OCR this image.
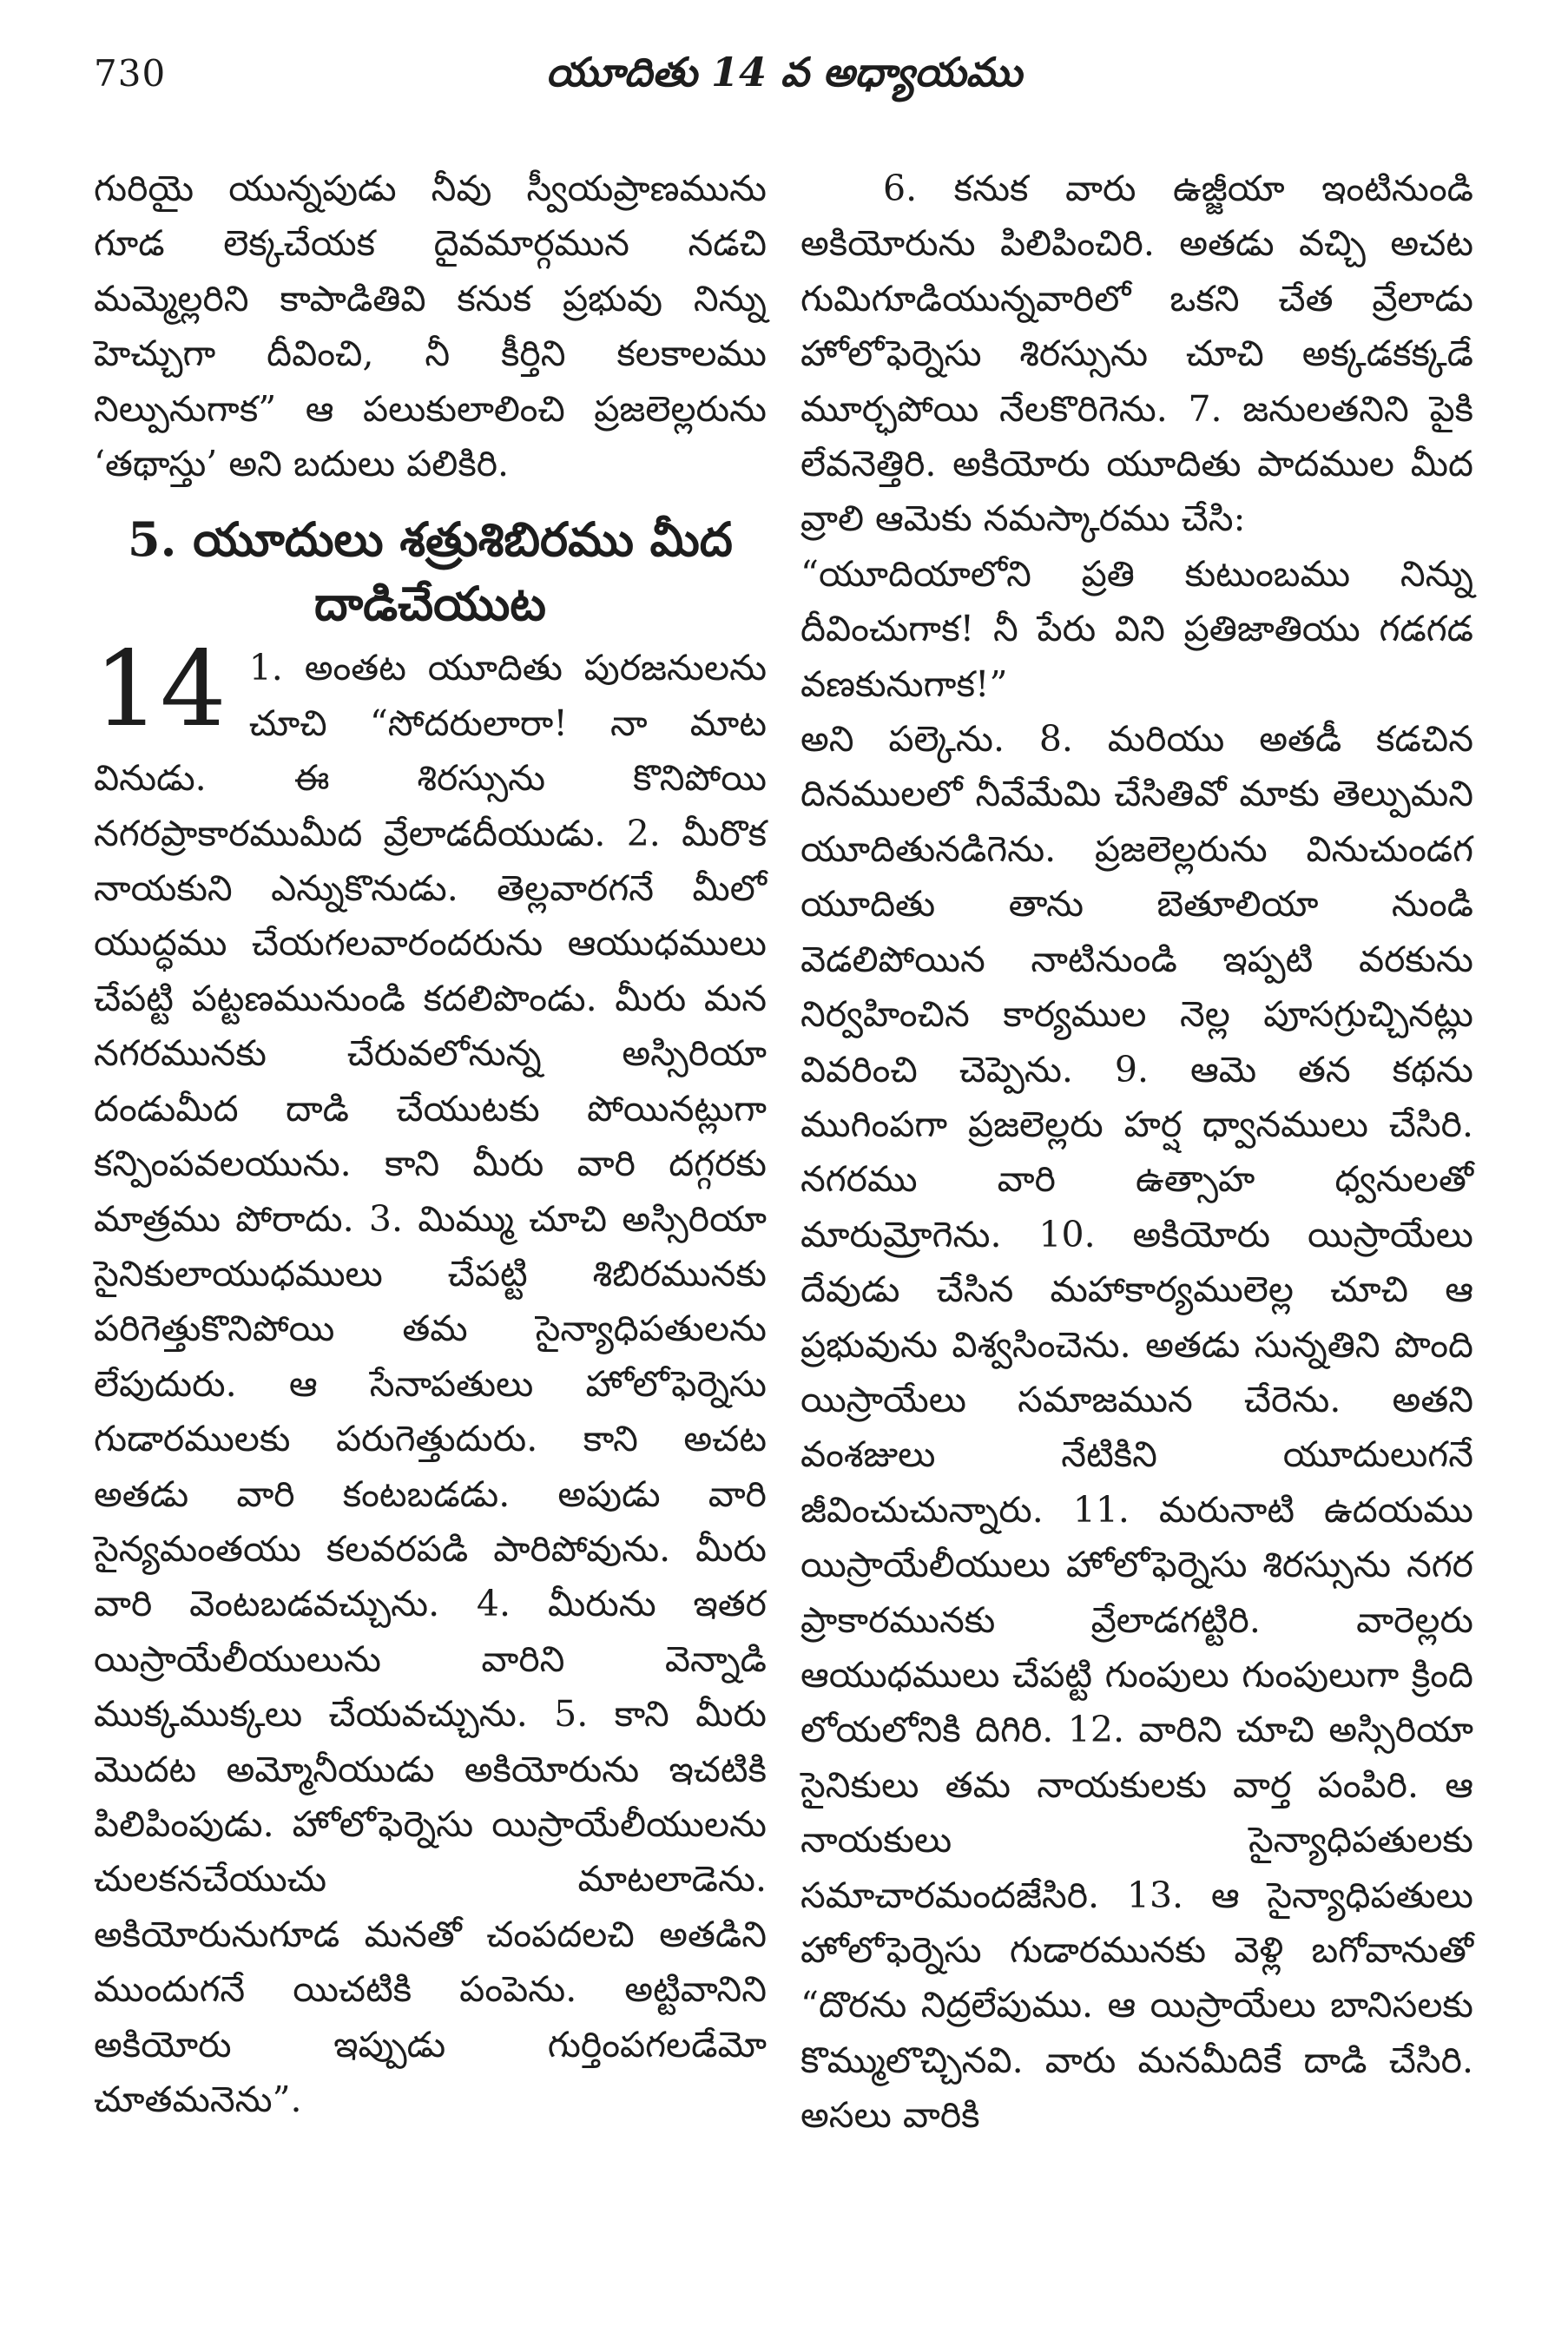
730	యూదితు 14 వ అధ్యాయము

గురియై యున్నపుడు నీవు స్వీయప్రాణమును గూడ లెక్కచేయక దైవమార్గమున నడచి మమ్మెల్లరిని కాపాడితివి కనుక ప్రభువు నిన్ను హెచ్చుగా దీవించి, నీ కీర్తిని కలకాలము నిల్పునుగాక” ఆ పలుకులాలించి ప్రజలెల్లరును ‘తథాస్తు’ అని బదులు పలికిరి.

5. యూదులు శత్రుశిబిరము మీద దాడిచేయుట

14 1. అంతట యూదితు పురజనులను చూచి “సోదరులారా! నా మాట వినుడు. ఈ శిరస్సును కొనిపోయి నగరప్రాకారముమీద వ్రేలాడదీయుడు. 2. మీరొక నాయకుని ఎన్నుకొనుడు. తెల్లవారగనే మీలో యుద్ధము చేయగలవారందరును ఆయుధములు చేపట్టి పట్టణమునుండి కదలిపొండు. మీరు మన నగరమునకు చేరువలోనున్న అస్సిరియా దండుమీద దాడి చేయుటకు పోయినట్లుగా కన్పింపవలయును. కాని మీరు వారి దగ్గరకు మాత్రము పోరాదు. 3. మిమ్ము చూచి అస్సిరియా సైనికులాయుధములు చేపట్టి శిబిరమునకు పరిగెత్తుకొనిపోయి తమ సైన్యాధిపతులను లేపుదురు. ఆ సేనాపతులు హోలోఫెర్నెసు గుడారములకు పరుగెత్తుదురు. కాని అచట అతడు వారి కంటబడడు. అపుడు వారి సైన్యమంతయు కలవరపడి పారిపోవును. మీరు వారి వెంటబడవచ్చును. 4. మీరును ఇతర యిస్రాయేలీయులును వారిని వెన్నాడి ముక్కముక్కలు చేయవచ్చును. 5. కాని మీరు మొదట అమ్మోనీయుడు అకియోరును ఇచటికి పిలిపింపుడు. హోలోఫెర్నెసు యిస్రాయేలీయులను చులకనచేయుచు మాటలాడెను. అకియోరునుగూడ మనతో చంపదలచి అతడిని ముందుగనే యిచటికి పంపెను. అట్టివానిని అకియోరు ఇప్పుడు గుర్తింపగలడేమో చూతమనెను”.

6. కనుక వారు ఉజ్జీయా ఇంటినుండి అకియోరును పిలిపించిరి. అతడు వచ్చి అచట గుమిగూడియున్నవారిలో ఒకని చేత వ్రేలాడు హోలోఫెర్నెసు శిరస్సును చూచి అక్కడకక్కడే మూర్ఛపోయి నేలకొరిగెను. 7. జనులతనిని పైకి లేవనెత్తిరి. అకియోరు యూదితు పాదముల మీద వ్రాలి ఆమెకు నమస్కారము చేసి:

“యూదియాలోని ప్రతి కుటుంబము నిన్ను దీవించుగాక! నీ పేరు విని ప్రతిజాతియు గడగడ వణకునుగాక!”

అని పల్కెను. 8. మరియు అతడీ కడచిన దినములలో నీవేమేమి చేసితివో మాకు తెల్పుమని యూదితునడిగెను. ప్రజలెల్లరును వినుచుండగ యూదితు తాను బెతూలియా నుండి వెడలిపోయిన నాటినుండి ఇప్పటి వరకును నిర్వహించిన కార్యముల నెల్ల పూసగ్రుచ్చినట్లు వివరించి చెప్పెను. 9. ఆమె తన కథను ముగింపగా ప్రజలెల్లరు హర్ష ధ్వానములు చేసిరి. నగరము వారి ఉత్సాహ ధ్వనులతో మారుమ్రోగెను. 10. అకియోరు యిస్రాయేలు దేవుడు చేసిన మహాకార్యములెల్ల చూచి ఆ ప్రభువును విశ్వసించెను. అతడు సున్నతిని పొంది యిస్రాయేలు సమాజమున చేరెను. అతని వంశజులు నేటికిని యూదులుగనే జీవించుచున్నారు. 11. మరునాటి ఉదయము యిస్రాయేలీయులు హోలోఫెర్నెసు శిరస్సును నగర ప్రాకారమునకు వ్రేలాడగట్టిరి. వారెల్లరు ఆయుధములు చేపట్టి గుంపులు గుంపులుగా క్రింది లోయలోనికి దిగిరి. 12. వారిని చూచి అస్సిరియా సైనికులు తమ నాయకులకు వార్త పంపిరి. ఆ నాయకులు సైన్యాధిపతులకు సమాచారమందజేసిరి. 13. ఆ సైన్యాధిపతులు హోలోఫెర్నెసు గుడారమునకు వెళ్లి బగోవానుతో “దొరను నిద్రలేపుము. ఆ యిస్రాయేలు బానిసలకు కొమ్ములొచ్చినవి. వారు మనమీదికే దాడి చేసిరి. అసలు వారికి
